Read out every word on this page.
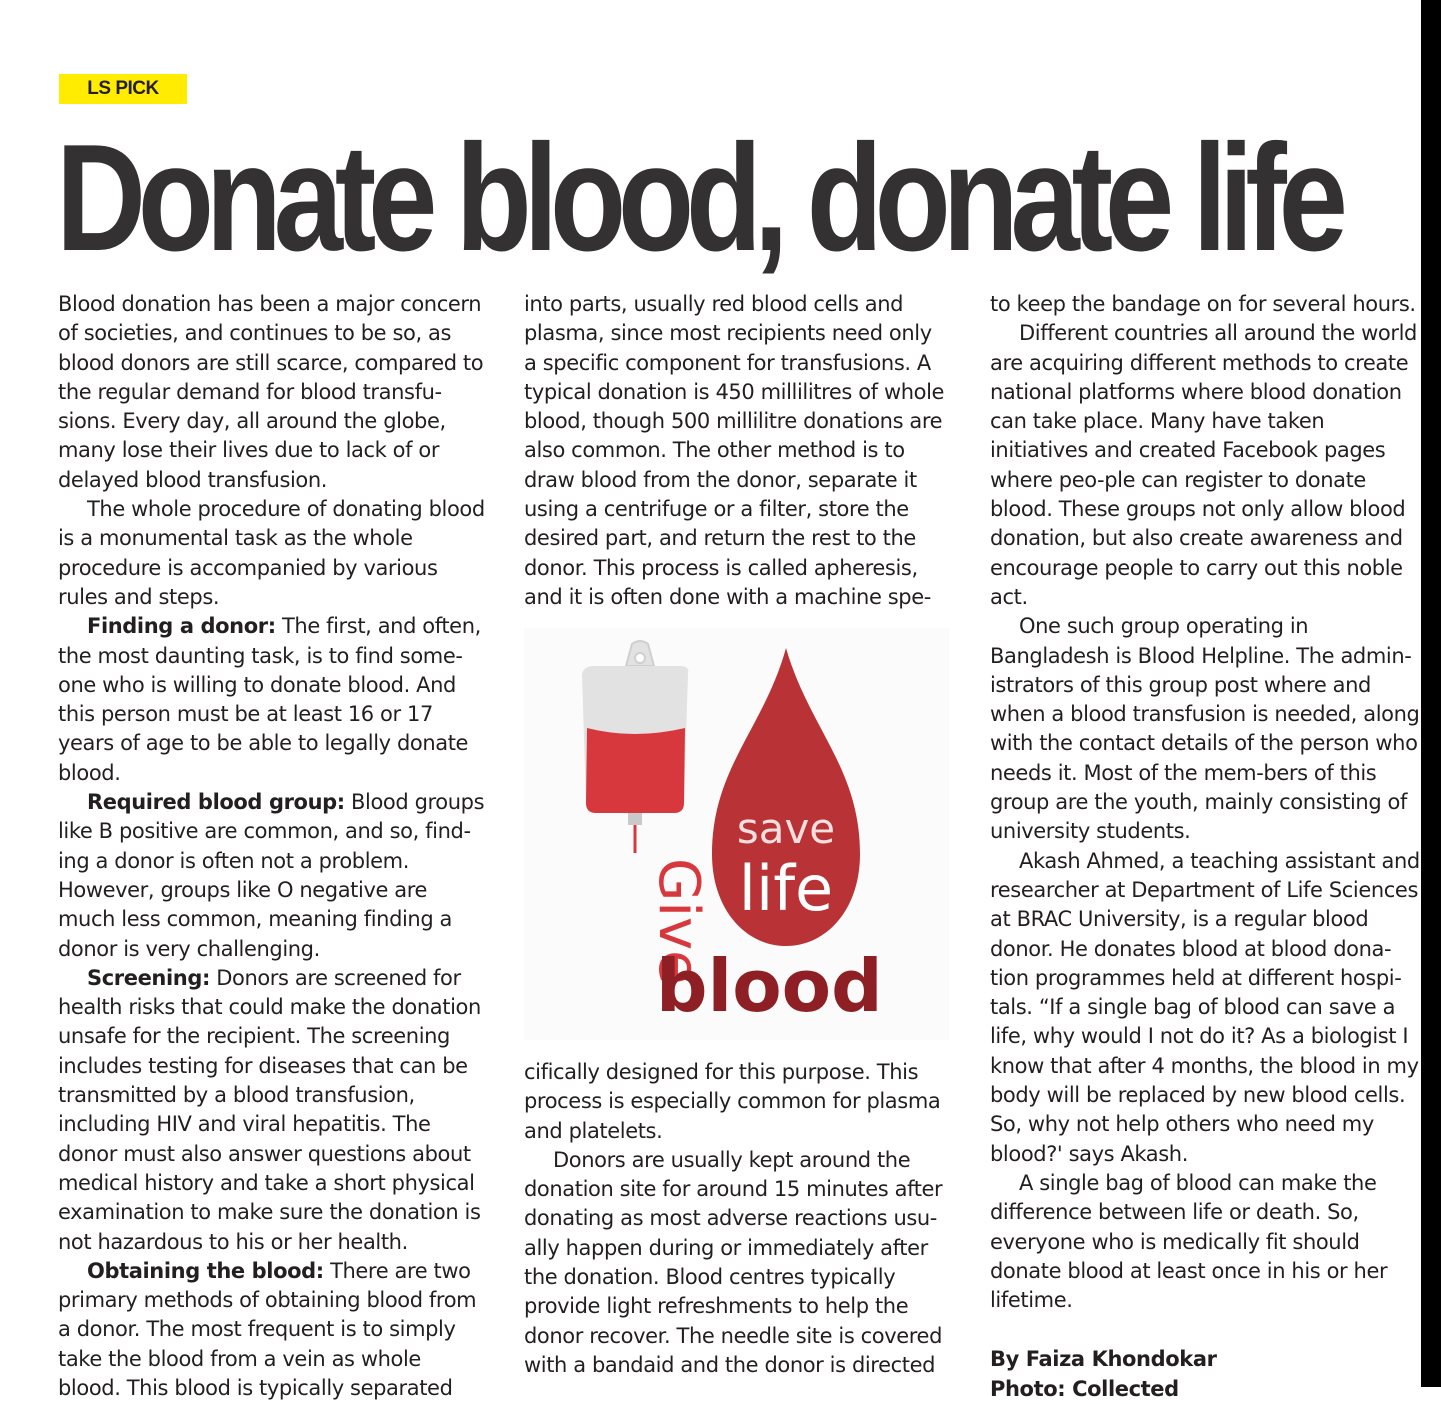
LS PICK
Donate blood, donate life

Blood donation has been a major concern of societies, and continues to be so, as blood donors are still scarce, compared to the regular demand for blood transfu-sions. Every day, all around the globe, many lose their lives due to lack of or delayed blood transfusion.

The whole procedure of donating blood is a monumental task as the whole procedure is accompanied by various rules and steps.

Finding a donor: The first, and often, the most daunting task, is to find some-one who is willing to donate blood. And this person must be at least 16 or 17 years of age to be able to legally donate blood.

Required blood group: Blood groups like B positive are common, and so, find-ing a donor is often not a problem. However, groups like O negative are much less common, meaning finding a donor is very challenging.

Screening: Donors are screened for health risks that could make the donation unsafe for the recipient. The screening includes testing for diseases that can be transmitted by a blood transfusion, including HIV and viral hepatitis. The donor must also answer questions about medical history and take a short physical examination to make sure the donation is not hazardous to his or her health.

Obtaining the blood: There are two primary methods of obtaining blood from a donor. The most frequent is to simply take the blood from a vein as whole blood. This blood is typically separated

into parts, usually red blood cells and plasma, since most recipients need only a specific component for transfusions. A typical donation is 450 millilitres of whole blood, though 500 millilitre donations are also common. The other method is to draw blood from the donor, separate it using a centrifuge or a filter, store the desired part, and return the rest to the donor. This process is called apheresis, and it is often done with a machine spe-

save
life
Give
blood

cifically designed for this purpose. This process is especially common for plasma and platelets.

Donors are usually kept around the donation site for around 15 minutes after donating as most adverse reactions usu-ally happen during or immediately after the donation. Blood centres typically provide light refreshments to help the donor recover. The needle site is covered with a bandaid and the donor is directed

to keep the bandage on for several hours.

Different countries all around the world are acquiring different methods to create national platforms where blood donation can take place. Many have taken initiatives and created Facebook pages where peo-ple can register to donate blood. These groups not only allow blood donation, but also create awareness and encourage people to carry out this noble act.

One such group operating in Bangladesh is Blood Helpline. The admin-istrators of this group post where and when a blood transfusion is needed, along with the contact details of the person who needs it. Most of the mem-bers of this group are the youth, mainly consisting of university students.

Akash Ahmed, a teaching assistant and researcher at Department of Life Sciences at BRAC University, is a regular blood donor. He donates blood at blood dona-tion programmes held at different hospi-tals. “If a single bag of blood can save a life, why would I not do it? As a biologist I know that after 4 months, the blood in my body will be replaced by new blood cells. So, why not help others who need my blood?' says Akash.

A single bag of blood can make the difference between life or death. So, everyone who is medically fit should donate blood at least once in his or her lifetime.

By Faiza Khondokar

Photo: Collected
